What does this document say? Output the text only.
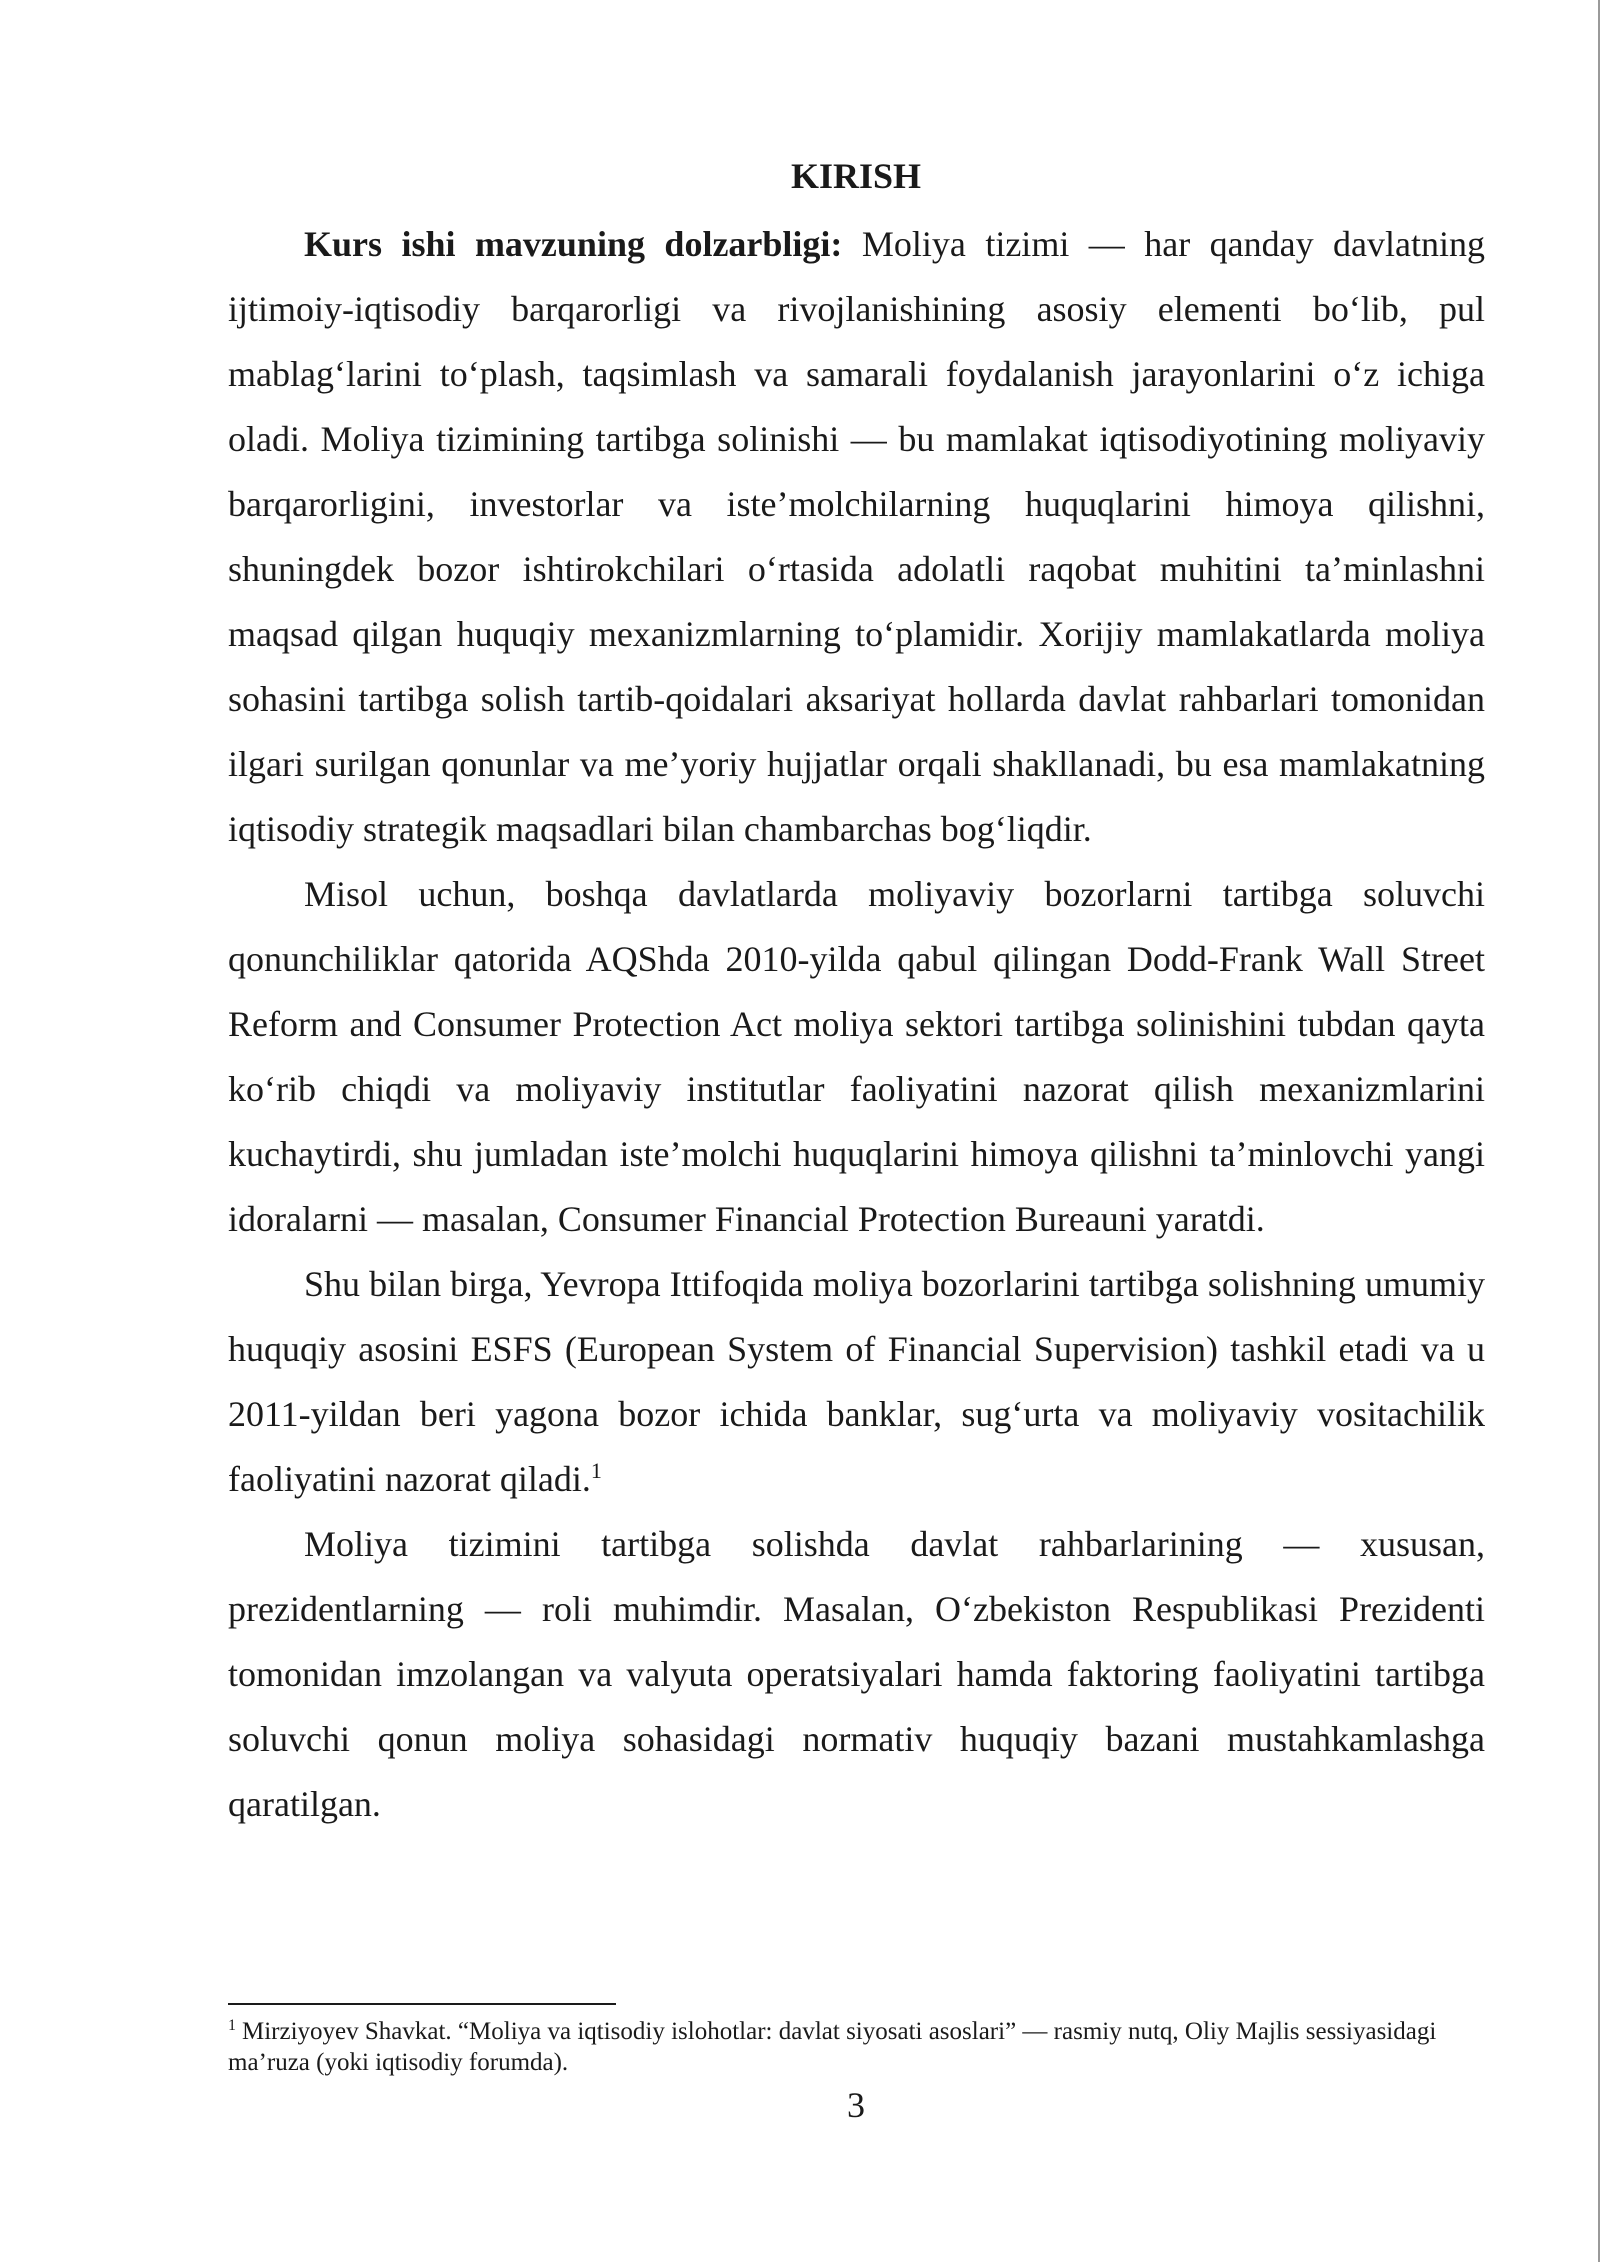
KIRISH

Kurs ishi mavzuning dolzarbligi: Moliya tizimi — har qanday davlatning ijtimoiy-iqtisodiy barqarorligi va rivojlanishining asosiy elementi bo‘lib, pul mablag‘larini to‘plash, taqsimlash va samarali foydalanish jarayonlarini o‘z ichiga oladi. Moliya tizimining tartibga solinishi — bu mamlakat iqtisodiyotining moliyaviy barqarorligini, investorlar va iste’molchilarning huquqlarini himoya qilishni, shuningdek bozor ishtirokchilari o‘rtasida adolatli raqobat muhitini ta’minlashni maqsad qilgan huquqiy mexanizmlarning to‘plamidir. Xorijiy mamlakatlarda moliya sohasini tartibga solish tartib-qoidalari aksariyat hollarda davlat rahbarlari tomonidan ilgari surilgan qonunlar va me’yoriy hujjatlar orqali shakllanadi, bu esa mamlakatning iqtisodiy strategik maqsadlari bilan chambarchas bog‘liqdir.

Misol uchun, boshqa davlatlarda moliyaviy bozorlarni tartibga soluvchi qonunchiliklar qatorida AQShda 2010-yilda qabul qilingan Dodd-Frank Wall Street Reform and Consumer Protection Act moliya sektori tartibga solinishini tubdan qayta ko‘rib chiqdi va moliyaviy institutlar faoliyatini nazorat qilish mexanizmlarini kuchaytirdi, shu jumladan iste’molchi huquqlarini himoya qilishni ta’minlovchi yangi idoralarni — masalan, Consumer Financial Protection Bureauni yaratdi.

Shu bilan birga, Yevropa Ittifoqida moliya bozorlarini tartibga solishning umumiy huquqiy asosini ESFS (European System of Financial Supervision) tashkil etadi va u 2011-yildan beri yagona bozor ichida banklar, sug‘urta va moliyaviy vositachilik faoliyatini nazorat qiladi.$^1$

Moliya tizimini tartibga solishda davlat rahbarlarining — xususan, prezidentlarning — roli muhimdir. Masalan, O‘zbekiston Respublikasi Prezidenti tomonidan imzolangan va valyuta operatsiyalari hamda faktoring faoliyatini tartibga soluvchi qonun moliya sohasidagi normativ huquqiy bazani mustahkamlashga qaratilgan.

$^1$ Mirziyoyev Shavkat. “Moliya va iqtisodiy islohotlar: davlat siyosati asoslari” — rasmiy nutq, Oliy Majlis sessiyasidagi ma’ruza (yoki iqtisodiy forumda).
3
